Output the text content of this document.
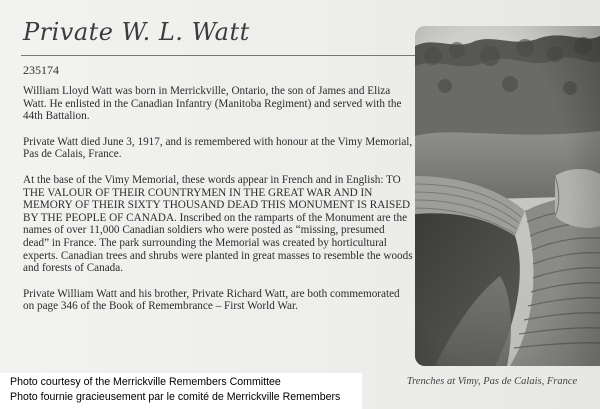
Private W. L. Watt
235174

William Lloyd Watt was born in Merrickville, Ontario, the son of James and Eliza Watt. He enlisted in the Canadian Infantry (Manitoba Regiment) and served with the 44th Battalion.

Private Watt died June 3, 1917, and is remembered with honour at the Vimy Memorial, Pas de Calais, France.

At the base of the Vimy Memorial, these words appear in French and in English: TO THE VALOUR OF THEIR COUNTRYMEN IN THE GREAT WAR AND IN MEMORY OF THEIR SIXTY THOUSAND DEAD THIS MONUMENT IS RAISED BY THE PEOPLE OF CANADA. Inscribed on the ramparts of the Monument are the names of over 11,000 Canadian soldiers who were posted as “missing, presumed dead” in France. The park surrounding the Memorial was created by horticultural experts. Canadian trees and shrubs were planted in great masses to resemble the woods and forests of Canada.

Private William Watt and his brother, Private Richard Watt, are both commemorated on page 346 of the Book of Remembrance – First World War.

Trenches at Vimy, Pas de Calais, France
Photo courtesy of the Merrickville Remembers Committee
Photo fournie gracieusement par le comité de Merrickville Remembers
